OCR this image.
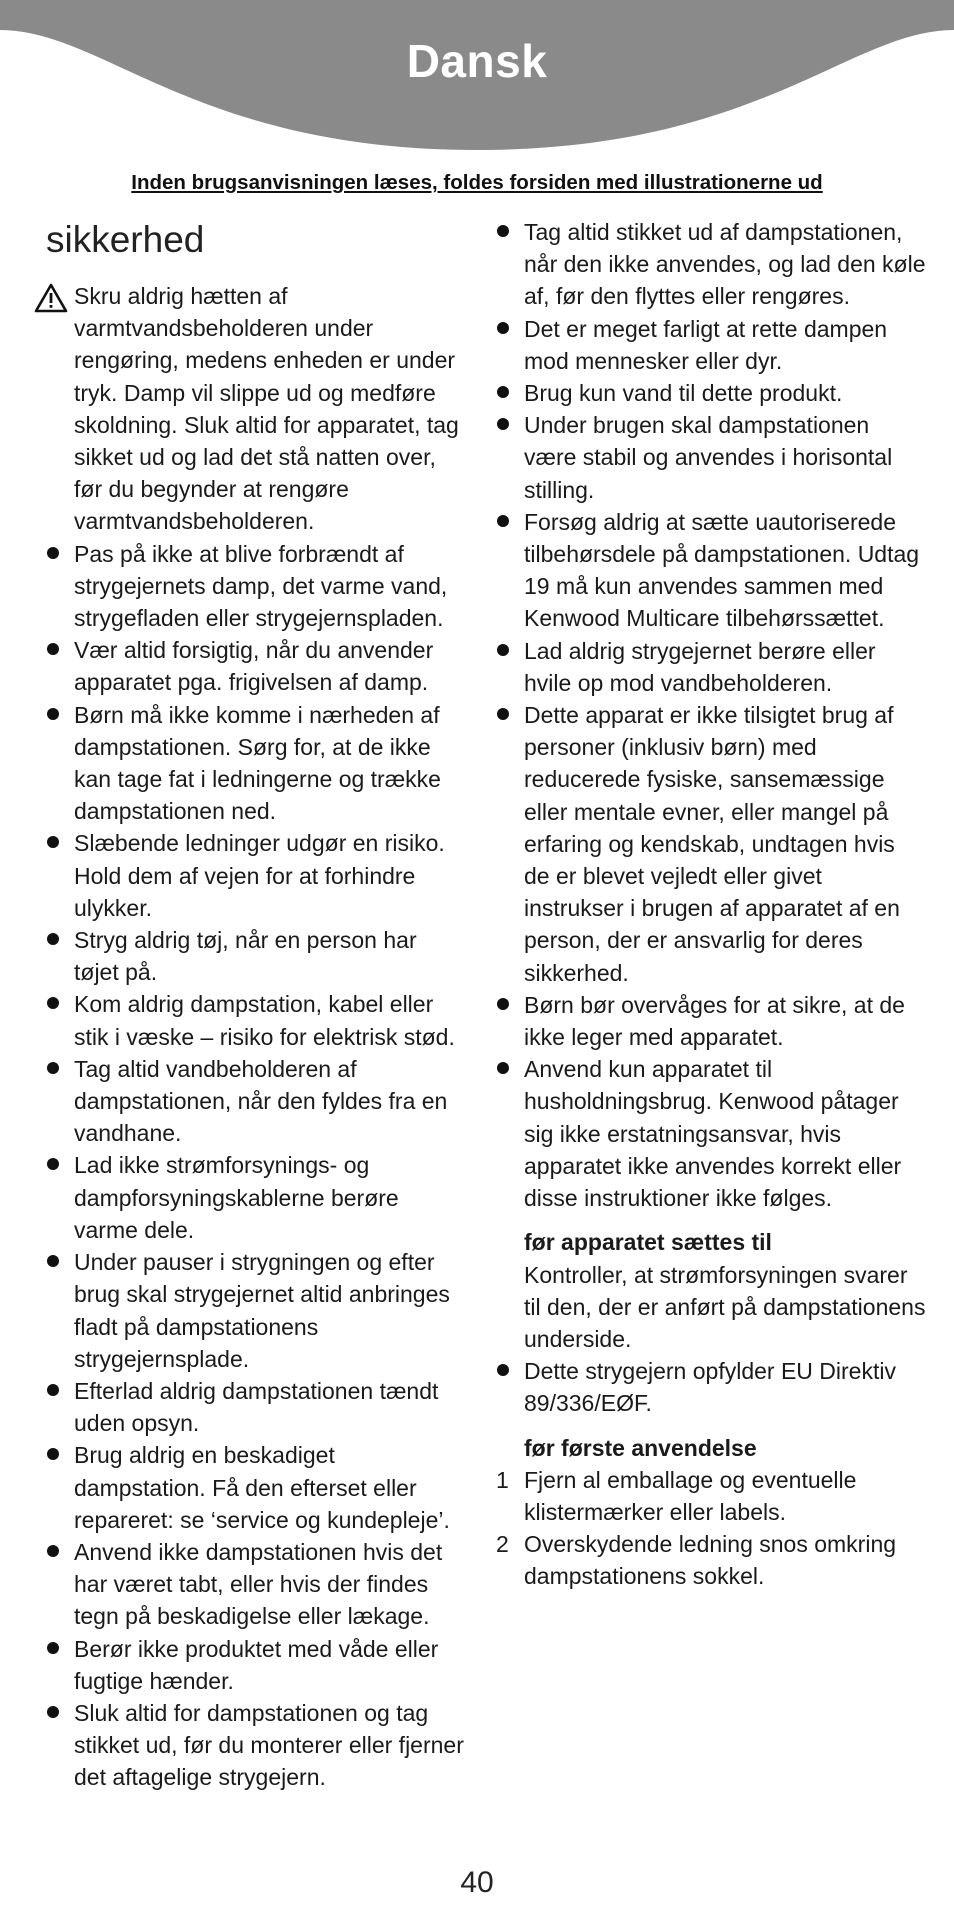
Dansk
Inden brugsanvisningen læses, foldes forsiden med illustrationerne ud
sikkerhed
Skru aldrig hætten af varmtvandsbeholderen under rengøring, medens enheden er under tryk. Damp vil slippe ud og medføre skoldning. Sluk altid for apparatet, tag sikket ud og lad det stå natten over, før du begynder at rengøre varmtvandsbeholderen.
Pas på ikke at blive forbrændt af strygejernets damp, det varme vand, strygefladen eller strygejernspladen.
Vær altid forsigtig, når du anvender apparatet pga. frigivelsen af damp.
Børn må ikke komme i nærheden af dampstationen. Sørg for, at de ikke kan tage fat i ledningerne og trække dampstationen ned.
Slæbende ledninger udgør en risiko. Hold dem af vejen for at forhindre ulykker.
Stryg aldrig tøj, når en person har tøjet på.
Kom aldrig dampstation, kabel eller stik i væske – risiko for elektrisk stød.
Tag altid vandbeholderen af dampstationen, når den fyldes fra en vandhane.
Lad ikke strømforsynings- og dampforsyningskablerne berøre varme dele.
Under pauser i strygningen og efter brug skal strygejernet altid anbringes fladt på dampstationens strygejernsplade.
Efterlad aldrig dampstationen tændt uden opsyn.
Brug aldrig en beskadiget dampstation. Få den efterset eller repareret: se ‘service og kundepleje’.
Anvend ikke dampstationen hvis det har været tabt, eller hvis der findes tegn på beskadigelse eller lækage.
Berør ikke produktet med våde eller fugtige hænder.
Sluk altid for dampstationen og tag stikket ud, før du monterer eller fjerner det aftagelige strygejern.
Tag altid stikket ud af dampstationen, når den ikke anvendes, og lad den køle af, før den flyttes eller rengøres.
Det er meget farligt at rette dampen mod mennesker eller dyr.
Brug kun vand til dette produkt.
Under brugen skal dampstationen være stabil og anvendes i horisontal stilling.
Forsøg aldrig at sætte uautoriserede tilbehørsdele på dampstationen. Udtag 19 må kun anvendes sammen med Kenwood Multicare tilbehørssættet.
Lad aldrig strygejernet berøre eller hvile op mod vandbeholderen.
Dette apparat er ikke tilsigtet brug af personer (inklusiv børn) med reducerede fysiske, sansemæssige eller mentale evner, eller mangel på erfaring og kendskab, undtagen hvis de er blevet vejledt eller givet instrukser i brugen af apparatet af en person, der er ansvarlig for deres sikkerhed.
Børn bør overvåges for at sikre, at de ikke leger med apparatet.
Anvend kun apparatet til husholdningsbrug. Kenwood påtager sig ikke erstatningsansvar, hvis apparatet ikke anvendes korrekt eller disse instruktioner ikke følges.
før apparatet sættes til
Kontroller, at strømforsyningen svarer til den, der er anført på dampstationens underside.
Dette strygejern opfylder EU Direktiv 89/336/EØF.
før første anvendelse
1 Fjern al emballage og eventuelle klistermærker eller labels.
2 Overskydende ledning snos omkring dampstationens sokkel.
40
